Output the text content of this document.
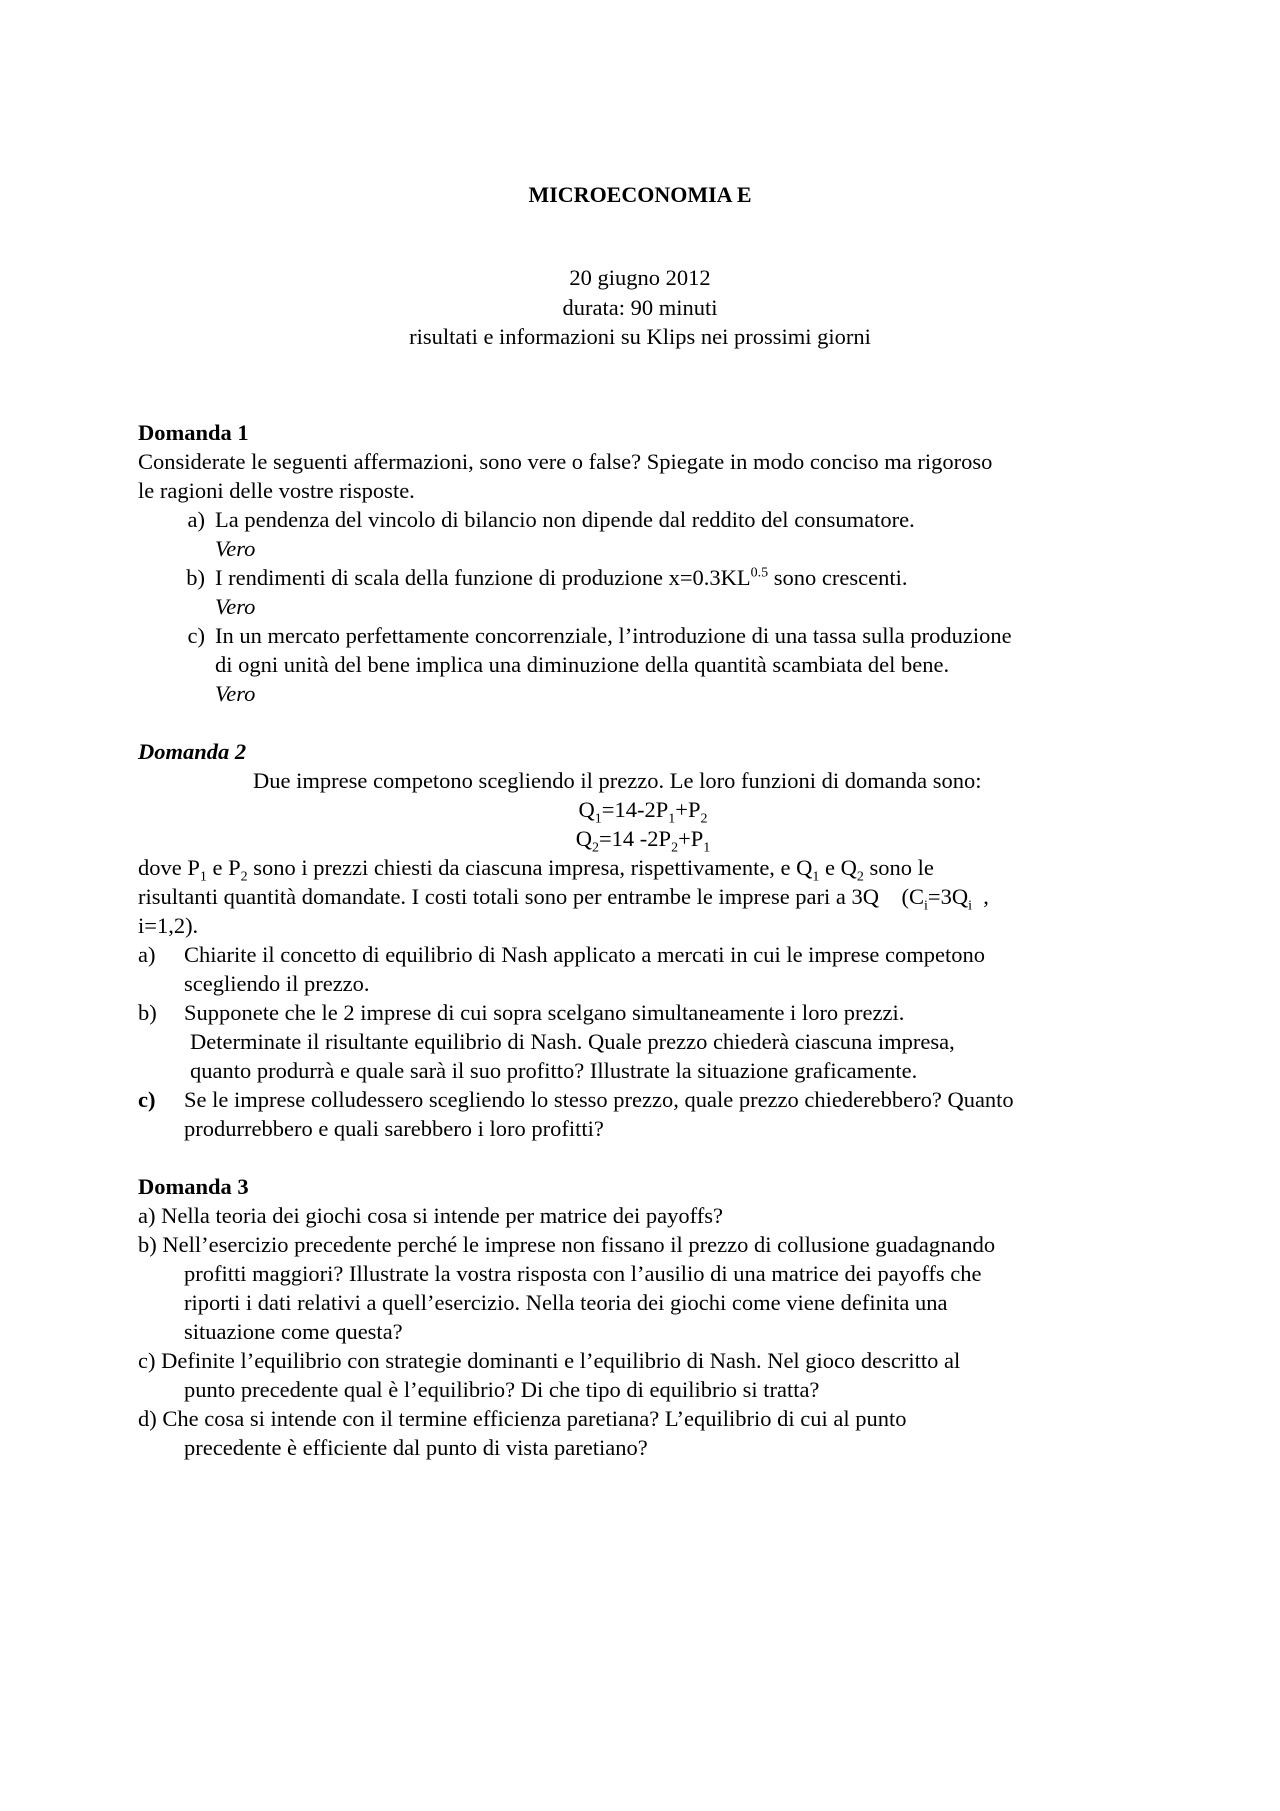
MICROECONOMIA E
20 giugno 2012
durata: 90 minuti
risultati e informazioni su Klips nei prossimi giorni
Domanda 1
Considerate le seguenti affermazioni, sono vere o false? Spiegate in modo conciso ma rigoroso
le ragioni delle vostre risposte.
a) La pendenza del vincolo di bilancio non dipende dal reddito del consumatore.
Vero
b) I rendimenti di scala della funzione di produzione $x=0.3KL^{0.5}$ sono crescenti.
Vero
c) In un mercato perfettamente concorrenziale, l’introduzione di una tassa sulla produzione
di ogni unità del bene implica una diminuzione della quantità scambiata del bene.
Vero
Domanda 2
Due imprese competono scegliendo il prezzo. Le loro funzioni di domanda sono:
$Q_1=14-2P_1+P_2$
$Q_2=14$ $-2P_2+P_1$
dove $P_1$ e $P_2$ sono i prezzi chiesti da ciascuna impresa, rispettivamente, e $Q_1$ e $Q_2$ sono le
risultanti quantità domandate. I costi totali sono per entrambe le imprese pari a 3Q    ($C_i=3Q_i$  ,
i=1,2).
a)	Chiarite il concetto di equilibrio di Nash applicato a mercati in cui le imprese competono
scegliendo il prezzo.
b)	Supponete che le 2 imprese di cui sopra scelgano simultaneamente i loro prezzi.
Determinate il risultante equilibrio di Nash. Quale prezzo chiederà ciascuna impresa,
quanto produrrà e quale sarà il suo profitto? Illustrate la situazione graficamente.
c)	Se le imprese colludessero scegliendo lo stesso prezzo, quale prezzo chiederebbero? Quanto
produrrebbero e quali sarebbero i loro profitti?
Domanda 3
a) Nella teoria dei giochi cosa si intende per matrice dei payoffs?
b) Nell’esercizio precedente perché le imprese non fissano il prezzo di collusione guadagnando
profitti maggiori? Illustrate la vostra risposta con l’ausilio di una matrice dei payoffs che
riporti i dati relativi a quell’esercizio. Nella teoria dei giochi come viene definita una
situazione come questa?
c) Definite l’equilibrio con strategie dominanti e l’equilibrio di Nash. Nel gioco descritto al
punto precedente qual è l’equilibrio? Di che tipo di equilibrio si tratta?
d) Che cosa si intende con il termine efficienza paretiana? L’equilibrio di cui al punto
precedente è efficiente dal punto di vista paretiano?
